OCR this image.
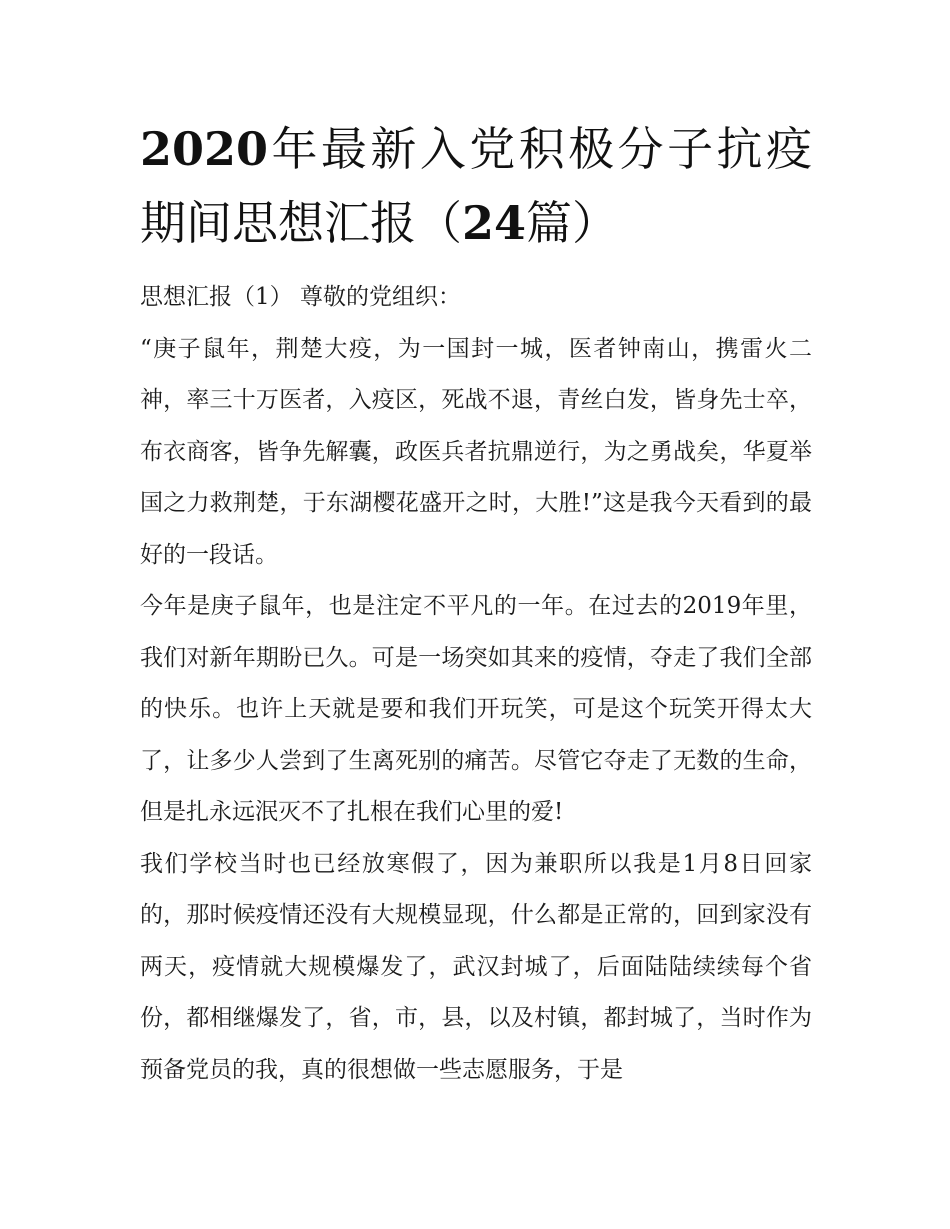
2020年最新入党积极分子抗疫期间思想汇报（24篇）

思想汇报（1） 尊敬的党组织：

“庚子鼠年，荆楚大疫，为一国封一城，医者钟南山，携雷火二神，率三十万医者，入疫区，死战不退，青丝白发，皆身先士卒，布衣商客，皆争先解囊，政医兵者抗鼎逆行，为之勇战矣，华夏举国之力救荆楚，于东湖樱花盛开之时，大胜!”这是我今天看到的最好的一段话。

今年是庚子鼠年，也是注定不平凡的一年。在过去的2019年里，我们对新年期盼已久。可是一场突如其来的疫情，夺走了我们全部的快乐。也许上天就是要和我们开玩笑，可是这个玩笑开得太大了，让多少人尝到了生离死别的痛苦。尽管它夺走了无数的生命，但是扎永远泯灭不了扎根在我们心里的爱!

我们学校当时也已经放寒假了，因为兼职所以我是1月8日回家的，那时候疫情还没有大规模显现，什么都是正常的，回到家没有两天，疫情就大规模爆发了，武汉封城了，后面陆陆续续每个省份，都相继爆发了，省，市，县，以及村镇，都封城了，当时作为预备党员的我，真的很想做一些志愿服务，于是
